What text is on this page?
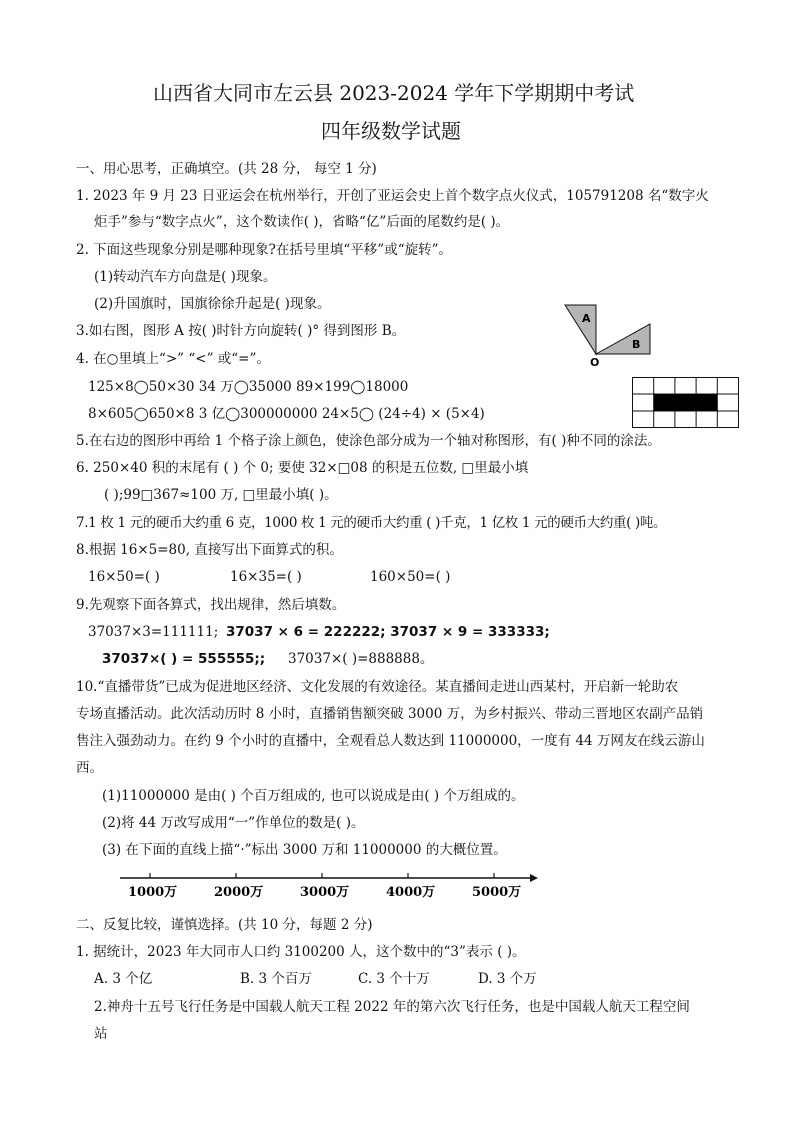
山西省大同市左云县 2023-2024 学年下学期期中考试
四年级数学试题
一、用心思考，正确填空。(共 28 分， 每空 1 分)
1. 2023 年 9 月 23 日亚运会在杭州举行，开创了亚运会史上首个数字点火仪式，105791208 名“数字火
炬手”参与“数字点火”，这个数读作( )，省略“亿”后面的尾数约是( )。
2. 下面这些现象分别是哪种现象?在括号里填“平移”或“旋转”。
(1)转动汽车方向盘是( )现象。
(2)升国旗时，国旗徐徐升起是( )现象。
3.如右图，图形 A 按( )时针方向旋转( )° 得到图形 B。
A
B
O
4. 在○里填上“>” “<” 或“=”。
125×8◯50×30 34 万◯35000 89×199◯18000
8×605◯650×8 3 亿◯300000000 24×5◯ (24÷4) × (5×4)
5.在右边的图形中再给 1 个格子涂上颜色，使涂色部分成为一个轴对称图形，有( )种不同的涂法。
6. 250×40 积的末尾有 ( ) 个 0; 要使 32×□08 的积是五位数, □里最小填
( );99□367≈100 万, □里最小填( )。
7.1 枚 1 元的硬币大约重 6 克，1000 枚 1 元的硬币大约重 ( )千克，1 亿枚 1 元的硬币大约重( )吨。
8.根据 16×5=80, 直接写出下面算式的积。
16×50=( )	16×35=( )	160×50=( )
9.先观察下面各算式，找出规律，然后填数。
37037×3=111111; 37037 × 6 = 222222; 37037 × 9 = 333333;
37037×( ) = 555555;; 37037×( )=888888。
10.“直播带货”已成为促进地区经济、文化发展的有效途径。某直播间走进山西某村，开启新一轮助农
专场直播活动。此次活动历时 8 小时，直播销售额突破 3000 万，为乡村振兴、带动三晋地区农副产品销
售注入强劲动力。在约 9 个小时的直播中，全观看总人数达到 11000000，一度有 44 万网友在线云游山
西。
(1)11000000 是由( ) 个百万组成的, 也可以说成是由( ) 个万组成的。
(2)将 44 万改写成用“一”作单位的数是( )。
(3) 在下面的直线上描“·”标出 3000 万和 11000000 的大概位置。
1000万	2000万	3000万	4000万	5000万
二、反复比较，谨慎选择。(共 10 分，每题 2 分)
1. 据统计，2023 年大同市人口约 3100200 人，这个数中的“3”表示 ( )。
A. 3 个亿	B. 3 个百万	C. 3 个十万	D. 3 个万
2.神舟十五号飞行任务是中国载人航天工程 2022 年的第六次飞行任务，也是中国载人航天工程空间
站
